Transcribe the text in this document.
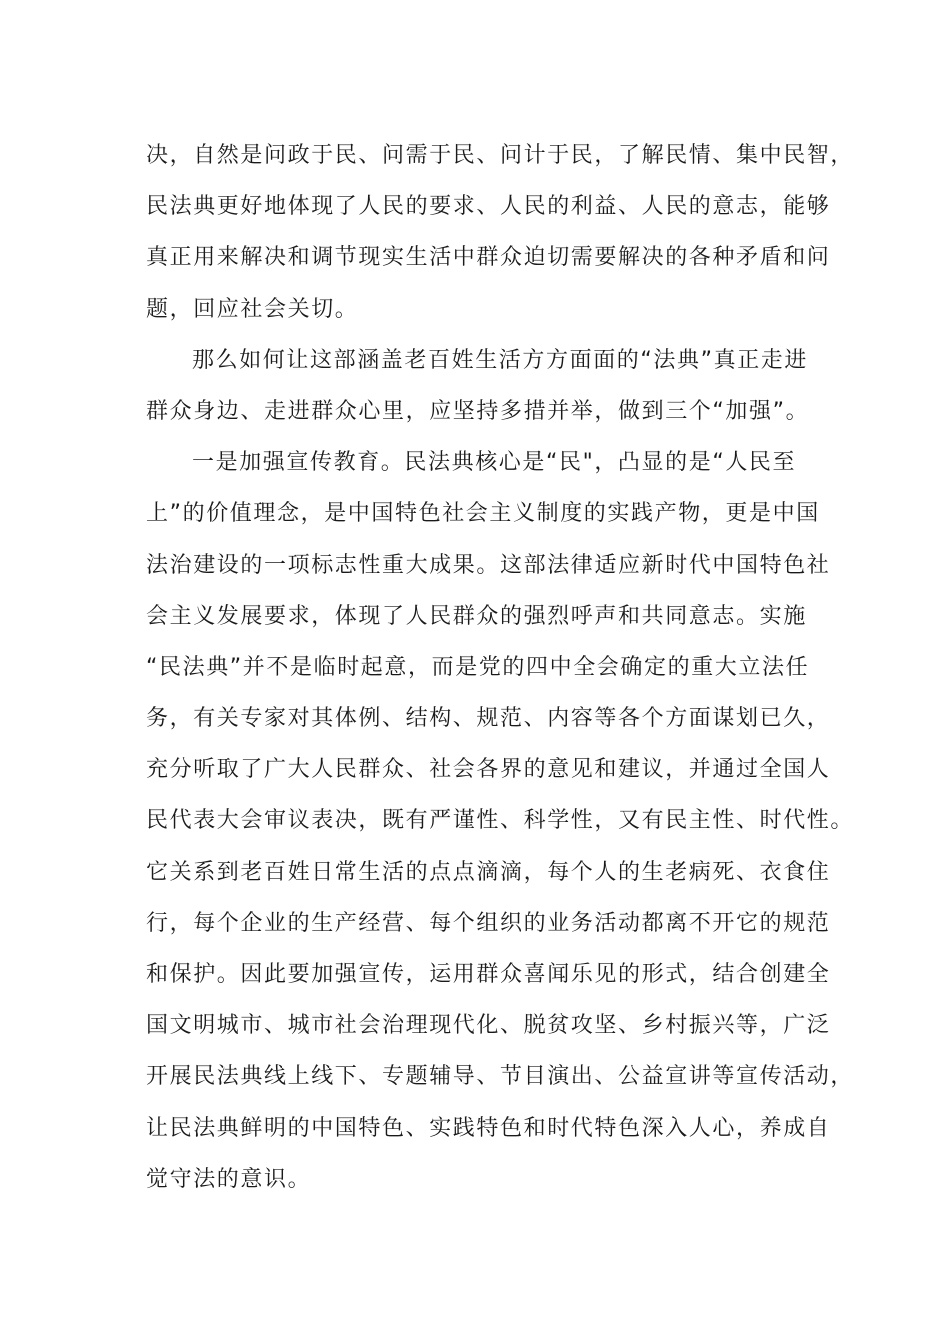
决，自然是问政于民、问需于民、问计于民，了解民情、集中民智，
民法典更好地体现了人民的要求、人民的利益、人民的意志，能够
真正用来解决和调节现实生活中群众迫切需要解决的各种矛盾和问
题，回应社会关切。
那么如何让这部涵盖老百姓生活方方面面的“法典”真正走进
群众身边、走进群众心里，应坚持多措并举，做到三个“加强”。
一是加强宣传教育。民法典核心是“民"，凸显的是“人民至
上”的价值理念，是中国特色社会主义制度的实践产物，更是中国
法治建设的一项标志性重大成果。这部法律适应新时代中国特色社
会主义发展要求，体现了人民群众的强烈呼声和共同意志。实施
“民法典”并不是临时起意，而是党的四中全会确定的重大立法任
务，有关专家对其体例、结构、规范、内容等各个方面谋划已久，
充分听取了广大人民群众、社会各界的意见和建议，并通过全国人
民代表大会审议表决，既有严谨性、科学性，又有民主性、时代性。
它关系到老百姓日常生活的点点滴滴，每个人的生老病死、衣食住
行，每个企业的生产经营、每个组织的业务活动都离不开它的规范
和保护。因此要加强宣传，运用群众喜闻乐见的形式，结合创建全
国文明城市、城市社会治理现代化、脱贫攻坚、乡村振兴等，广泛
开展民法典线上线下、专题辅导、节目演出、公益宣讲等宣传活动，
让民法典鲜明的中国特色、实践特色和时代特色深入人心，养成自
觉守法的意识。
